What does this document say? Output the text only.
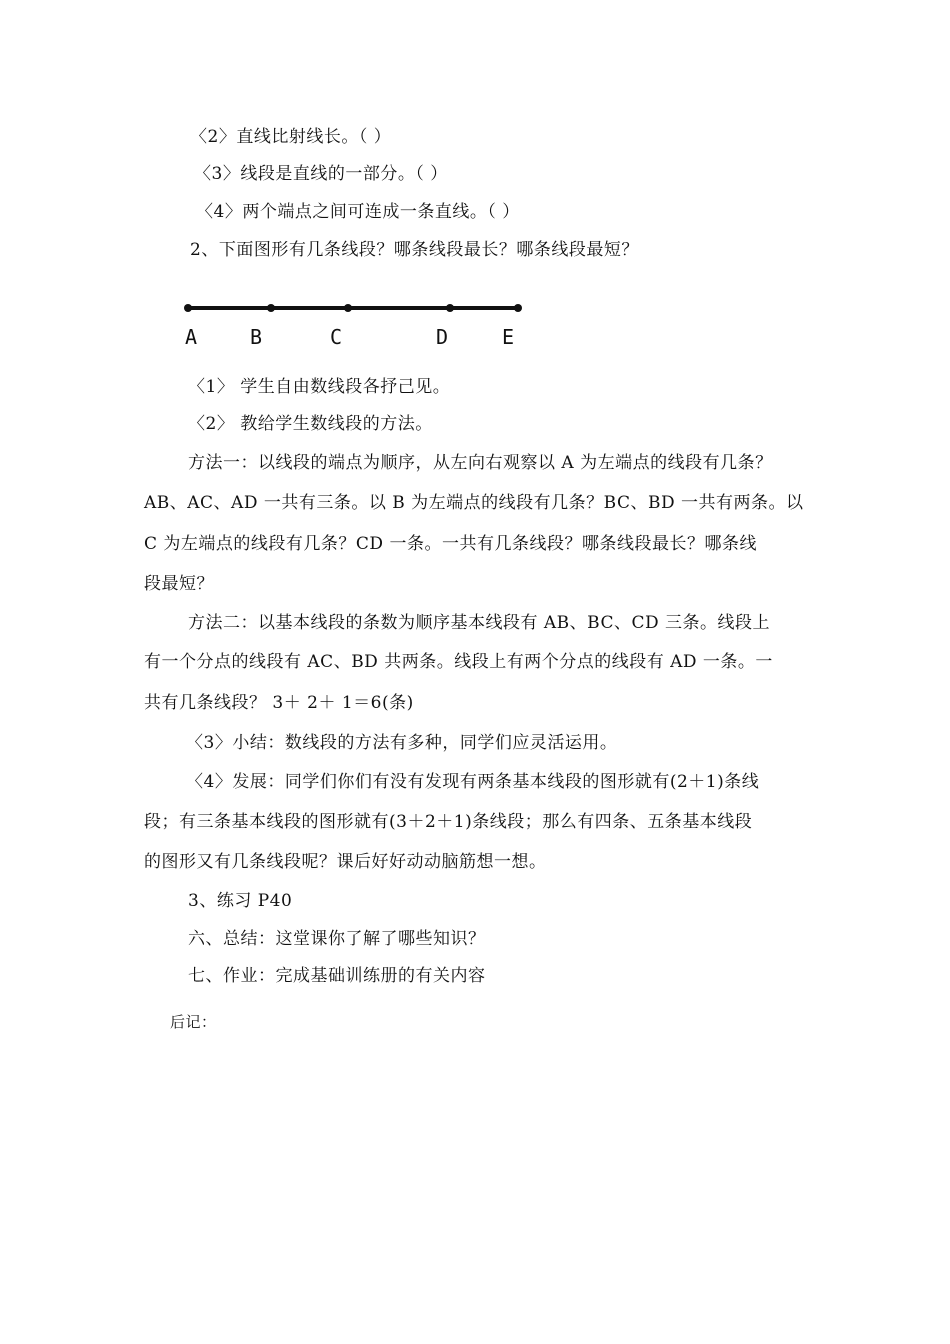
〈2〉直线比射线长。（ ）
〈3〉线段是直线的一部分。（ ）
〈4〉两个端点之间可连成一条直线。（ ）
2、下面图形有几条线段？哪条线段最长？哪条线段最短？
A	B	C	D	E
〈1〉 学生自由数线段各抒己见。
〈2〉 教给学生数线段的方法。
方法一：以线段的端点为顺序，从左向右观察以 A 为左端点的线段有几条？
AB、AC、AD 一共有三条。以 B 为左端点的线段有几条？BC、BD 一共有两条。以
C 为左端点的线段有几条？CD 一条。一共有几条线段？哪条线段最长？哪条线
段最短？
方法二：以基本线段的条数为顺序基本线段有 AB、BC、CD 三条。线段上
有一个分点的线段有 AC、BD 共两条。线段上有两个分点的线段有 AD 一条。一
共有几条线段？ 3＋ 2＋ 1＝6(条)
〈3〉小结：数线段的方法有多种，同学们应灵活运用。
〈4〉发展：同学们你们有没有发现有两条基本线段的图形就有(2＋1)条线
段；有三条基本线段的图形就有(3＋2＋1)条线段；那么有四条、五条基本线段
的图形又有几条线段呢？课后好好动动脑筋想一想。
3、练习 P40
六、总结：这堂课你了解了哪些知识？
七、作业：完成基础训练册的有关内容
后记：
